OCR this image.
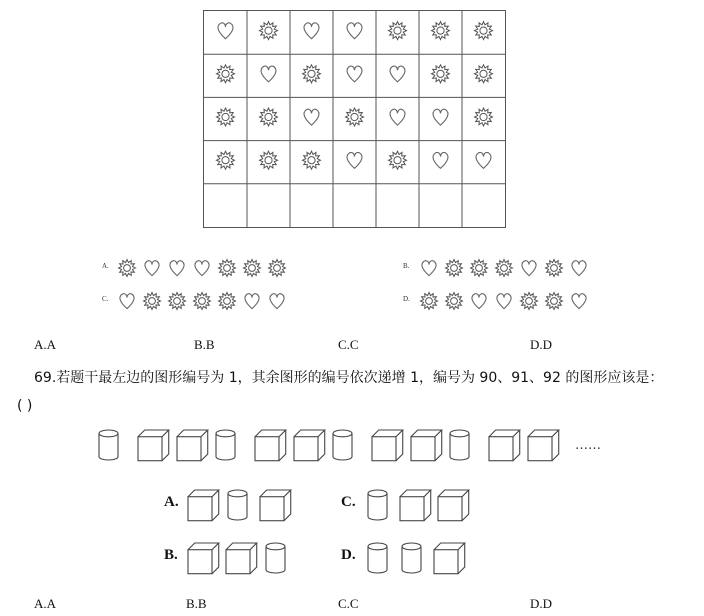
A.	B.
C.	D.
A.A	B.B	C.C	D.D
69.若题干最左边的图形编号为 1，其余图形的编号依次递增 1，编号为 90、91、92 的图形应该是：
( )
……
A.	C.
B.	D.
A.A	B.B	C.C	D.D
